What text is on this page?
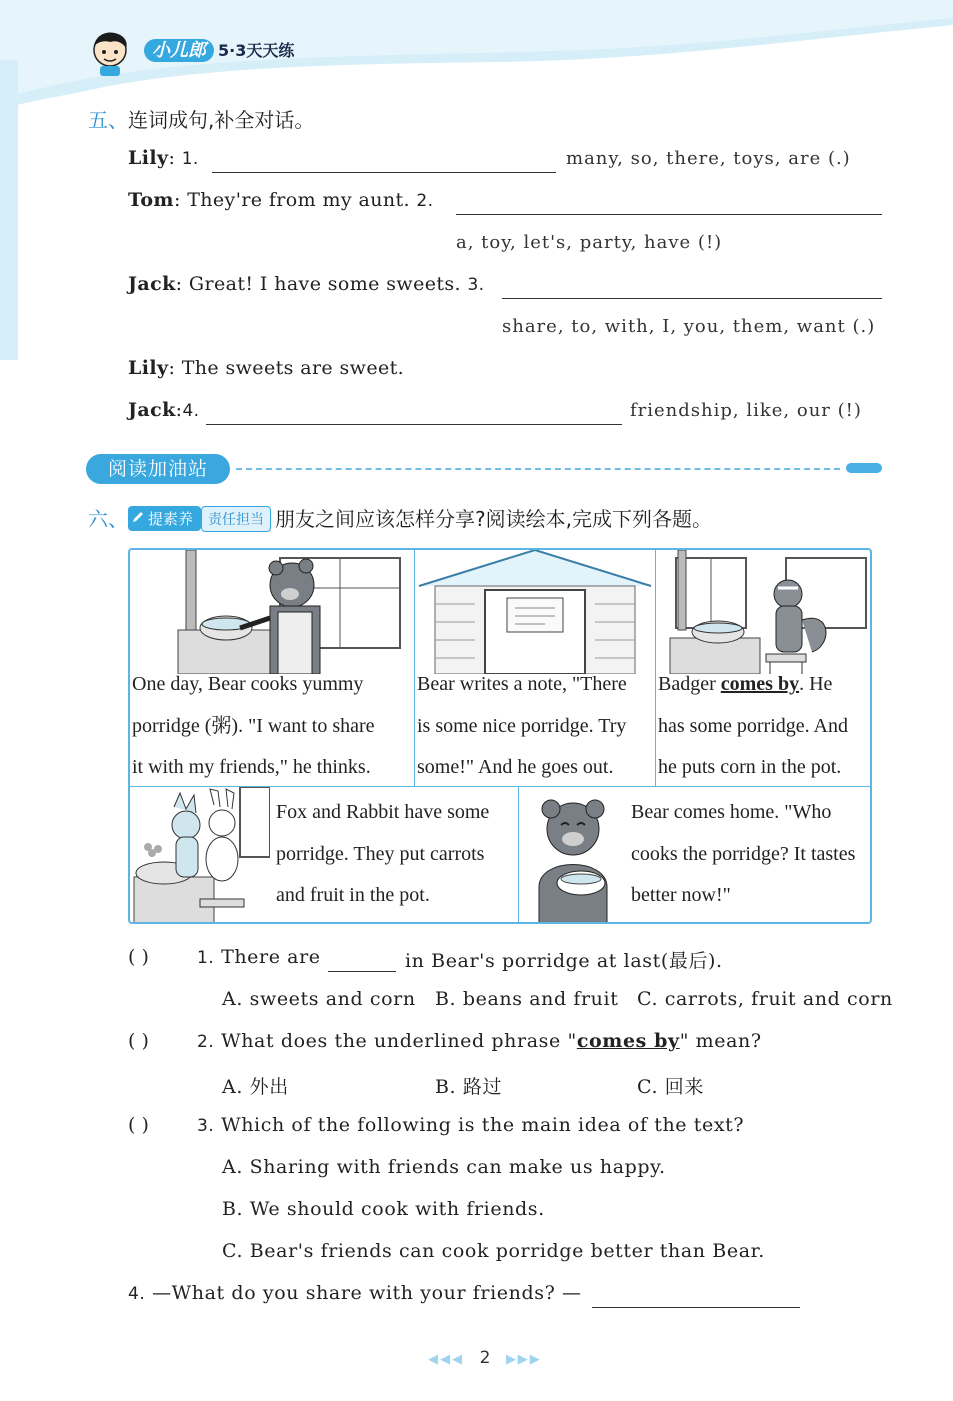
小儿郎 5·3天天练
五、连词成句,补全对话。
Lily: 1.	many, so, there, toys, are (.)
Tom: They're from my aunt. 2.
a, toy, let's, party, have (!)
Jack: Great! I have some sweets. 3.
share, to, with, I, you, them, want (.)
Lily: The sweets are sweet.
Jack:4.	friendship, like, our (!)
阅读加油站
六、 提素养 责任担当 朋友之间应该怎样分享?阅读绘本,完成下列各题。
One day, Bear cooks yummy
porridge (粥). "I want to share
it with my friends," he thinks.
Bear writes a note, "There
is some nice porridge. Try
some!" And he goes out.
Badger comes by. He
has some porridge. And
he puts corn in the pot.
Fox and Rabbit have some
porridge. They put carrots
and fruit in the pot.
Bear comes home. "Who
cooks the porridge? It tastes
better now!"
( )	1. There are	in Bear's porridge at last(最后).
A. sweets and corn B. beans and fruit C. carrots, fruit and corn
( )	2. What does the underlined phrase "comes by" mean?
A. 外出	B. 路过	C. 回来
( )	3. Which of the following is the main idea of the text?
A. Sharing with friends can make us happy.
B. We should cook with friends.
C. Bear's friends can cook porridge better than Bear.
4. —What do you share with your friends? —
◀◀◀ 2 ▶▶▶
